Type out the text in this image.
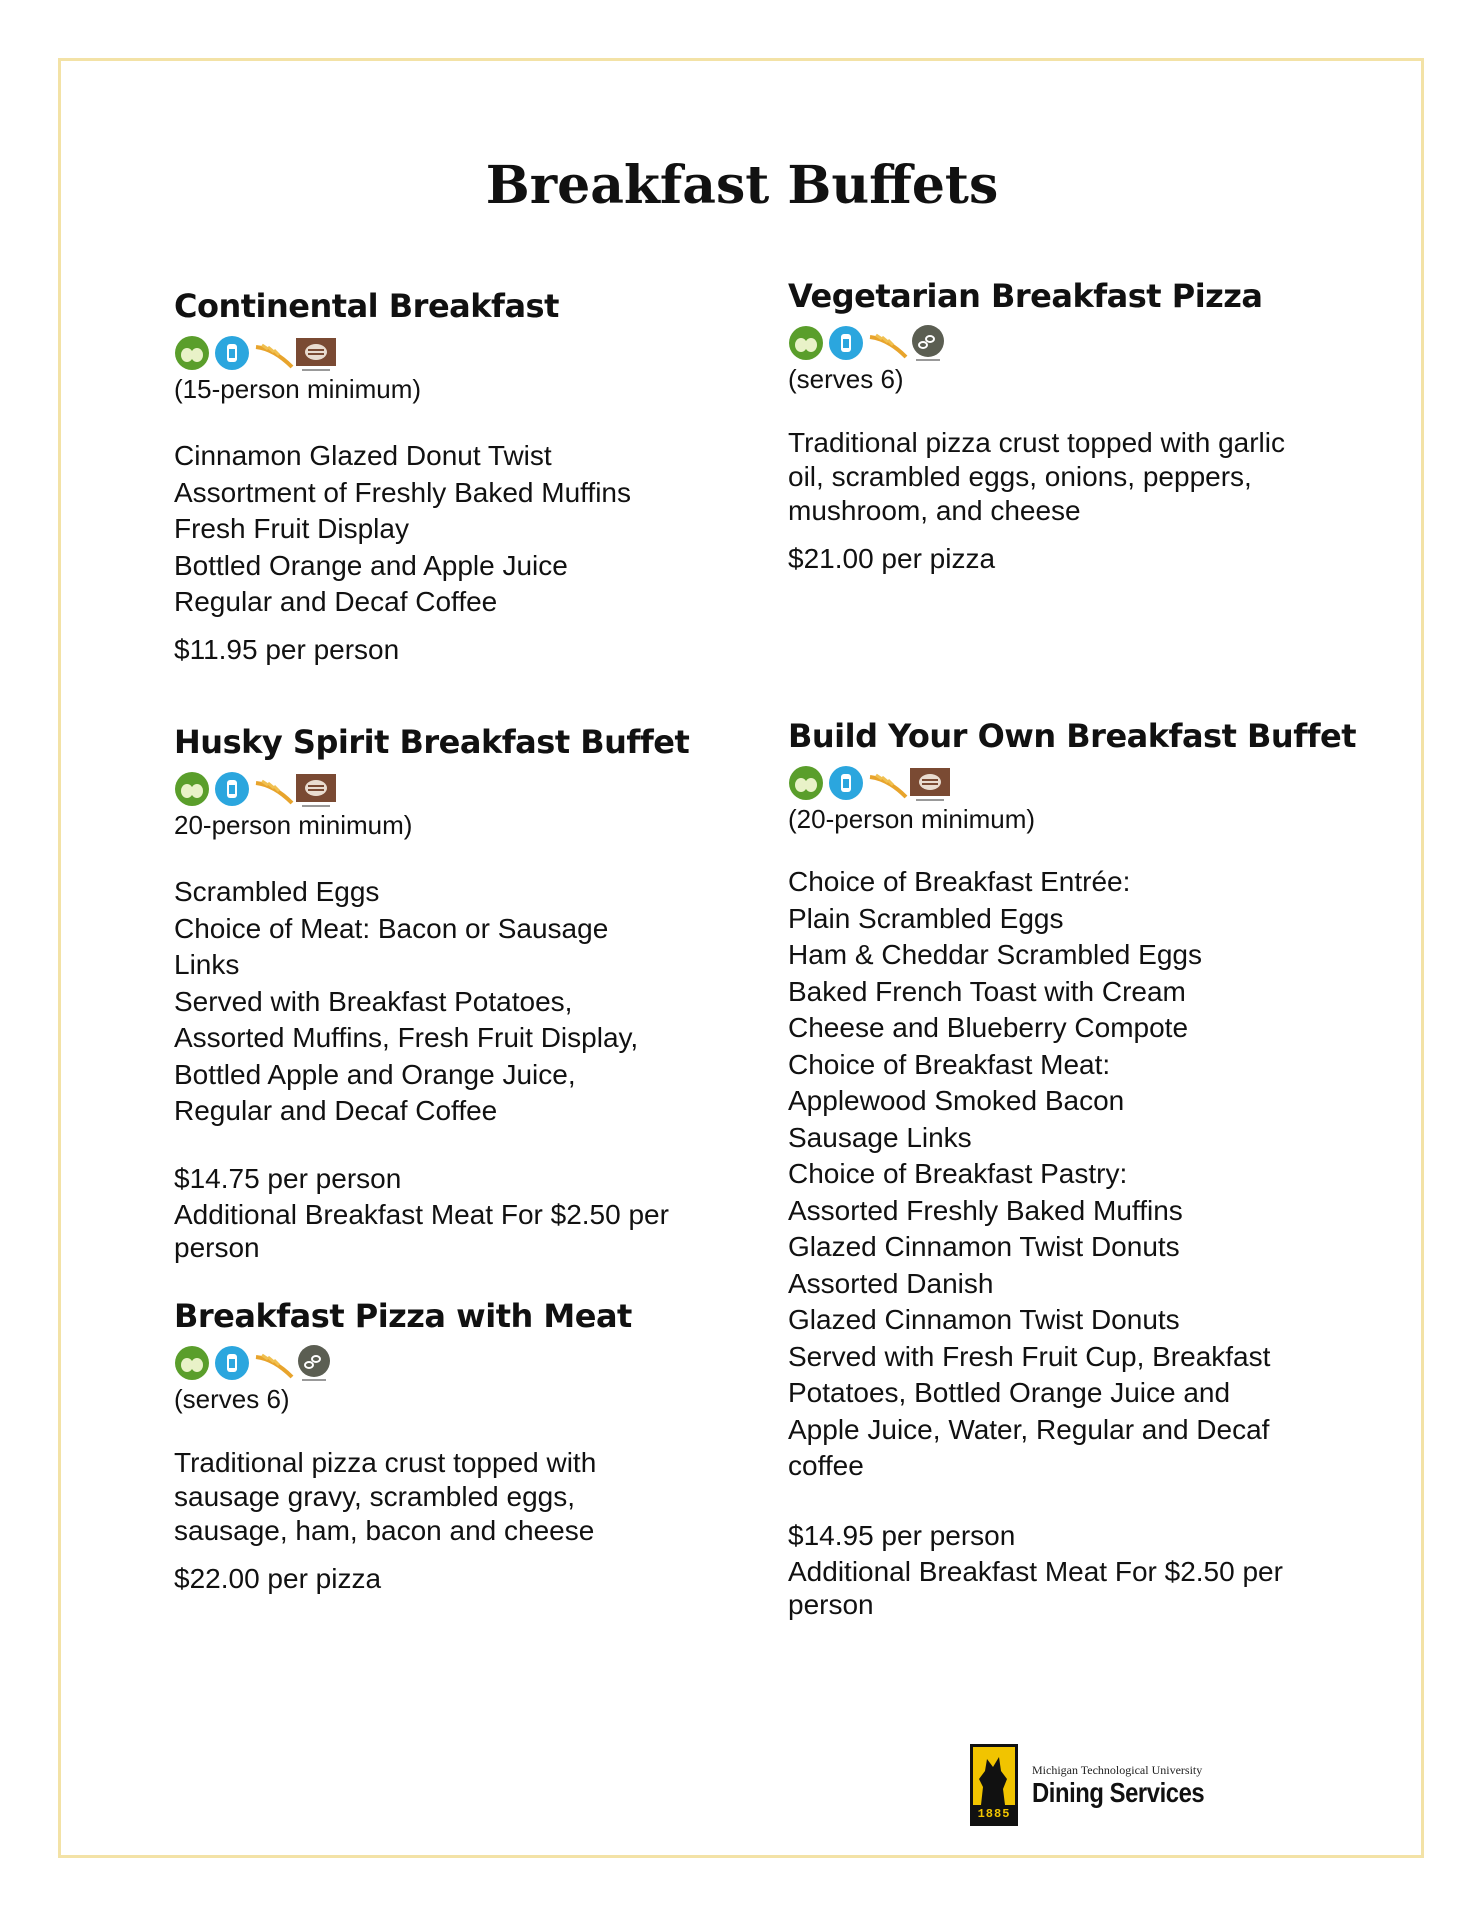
Breakfast Buffets
Continental Breakfast
(15-person minimum)
Cinnamon Glazed Donut Twist
Assortment of Freshly Baked Muffins
Fresh Fruit Display
Bottled Orange and Apple Juice
Regular and Decaf Coffee
$11.95 per person
Vegetarian Breakfast Pizza
(serves 6)
Traditional pizza crust topped with garlic
oil, scrambled eggs, onions, peppers,
mushroom, and cheese
$21.00 per pizza
Husky Spirit Breakfast Buffet
20-person minimum)
Scrambled Eggs
Choice of Meat: Bacon or Sausage
Links
Served with Breakfast Potatoes,
Assorted Muffins, Fresh Fruit Display,
Bottled Apple and Orange Juice,
Regular and Decaf Coffee
$14.75 per person
Additional Breakfast Meat For $2.50 per
person
Breakfast Pizza with Meat
(serves 6)
Traditional pizza crust topped with
sausage gravy, scrambled eggs,
sausage, ham, bacon and cheese
$22.00 per pizza
Build Your Own Breakfast Buffet
(20-person minimum)
Choice of Breakfast Entrée:
Plain Scrambled Eggs
Ham & Cheddar Scrambled Eggs
Baked French Toast with Cream
Cheese and Blueberry Compote
Choice of Breakfast Meat:
Applewood Smoked Bacon
Sausage Links
Choice of Breakfast Pastry:
Assorted Freshly Baked Muffins
Glazed Cinnamon Twist Donuts
Assorted Danish
Glazed Cinnamon Twist Donuts
Served with Fresh Fruit Cup, Breakfast
Potatoes, Bottled Orange Juice and
Apple Juice, Water, Regular and Decaf
coffee
$14.95 per person
Additional Breakfast Meat For $2.50 per
person
1885
Michigan Technological University
Dining Services
